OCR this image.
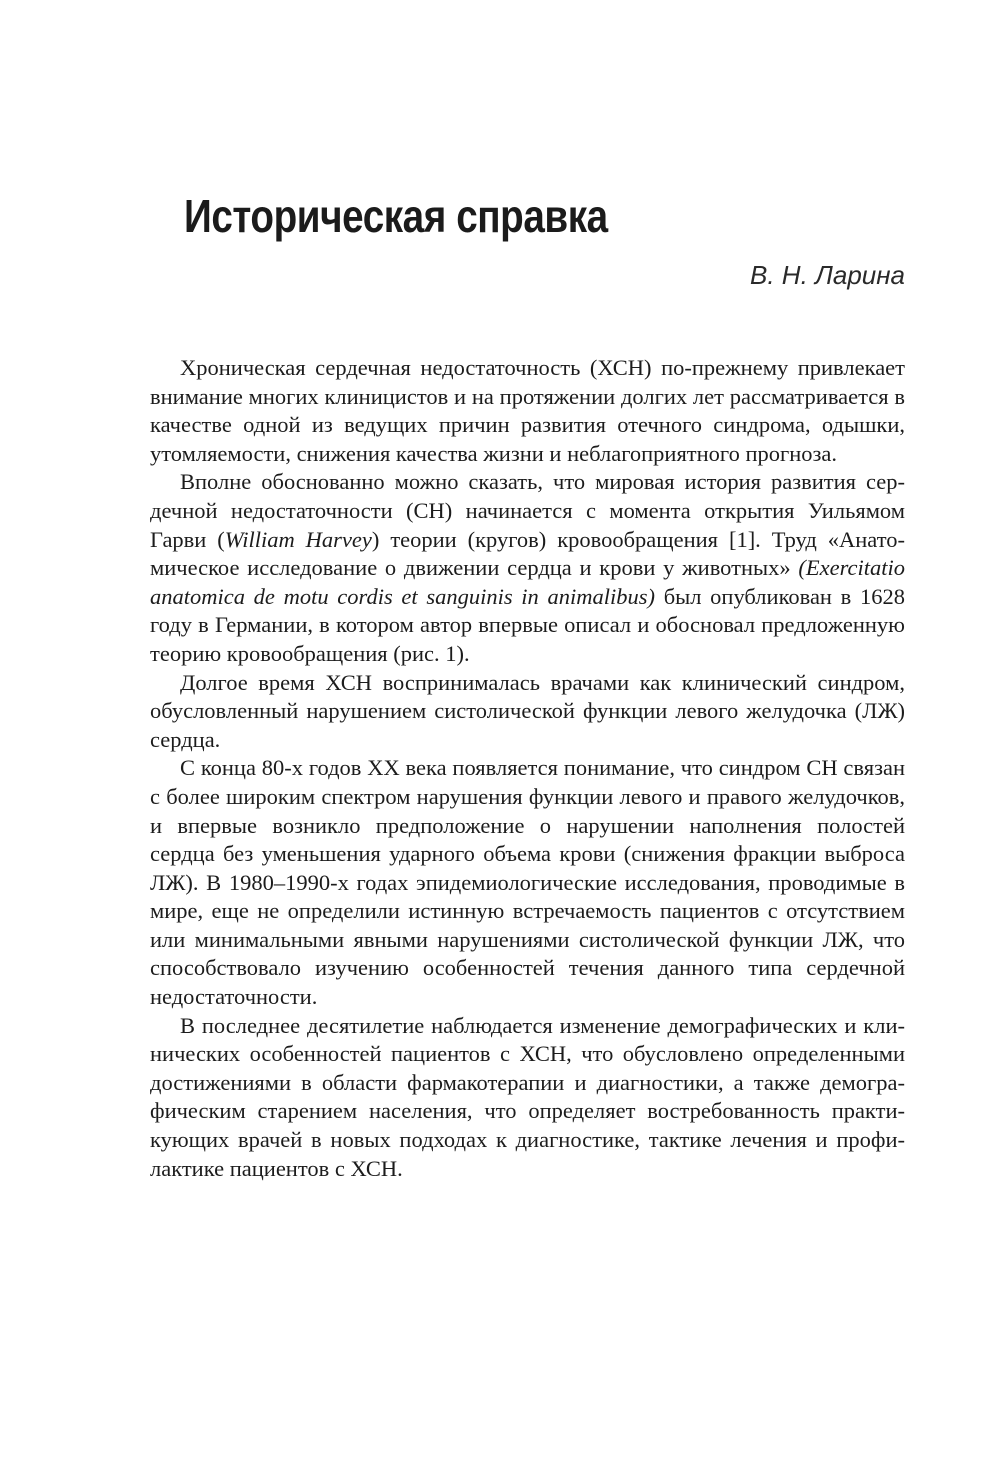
Историческая справка
В. Н. Ларина

Хроническая сердечная недостаточность (ХСН) по-прежнему привлекает внимание многих клиницистов и на протяжении долгих лет рассматривается в качестве одной из ведущих причин развития отечного синдрома, одышки, утомляемости, снижения качества жизни и неблагоприятного прогноза.

Вполне обоснованно можно сказать, что мировая история развития сердечной недостаточности (СН) начинается с момента открытия Уильямом Гарви (William Harvey) теории (кругов) кровообращения [1]. Труд «Анатомическое исследование о движении сердца и крови у животных» (Exercitatio anatomica de motu cordis et sanguinis in animalibus) был опубликован в 1628 году в Германии, в котором автор впервые описал и обосновал предложенную теорию кровообращения (рис. 1).

Долгое время ХСН воспринималась врачами как клинический синдром, обусловленный нарушением систолической функции левого желудочка (ЛЖ) сердца.

С конца 80-х годов XX века появляется понимание, что синдром СН связан с более широким спектром нарушения функции левого и правого желудочков, и впервые возникло предположение о нарушении наполнения полостей сердца без уменьшения ударного объема крови (снижения фракции выброса ЛЖ). В 1980–1990-х годах эпидемиологические исследования, проводимые в мире, еще не определили истинную встречаемость пациентов с отсутствием или минимальными явными нарушениями систолической функции ЛЖ, что способствовало изучению особенностей течения данного типа сердечной недостаточности.

В последнее десятилетие наблюдается изменение демографических и клинических особенностей пациентов с ХСН, что обусловлено определенными достижениями в области фармакотерапии и диагностики, а также демографическим старением населения, что определяет востребованность практикующих врачей в новых подходах к диагностике, тактике лечения и профилактике пациентов с ХСН.
